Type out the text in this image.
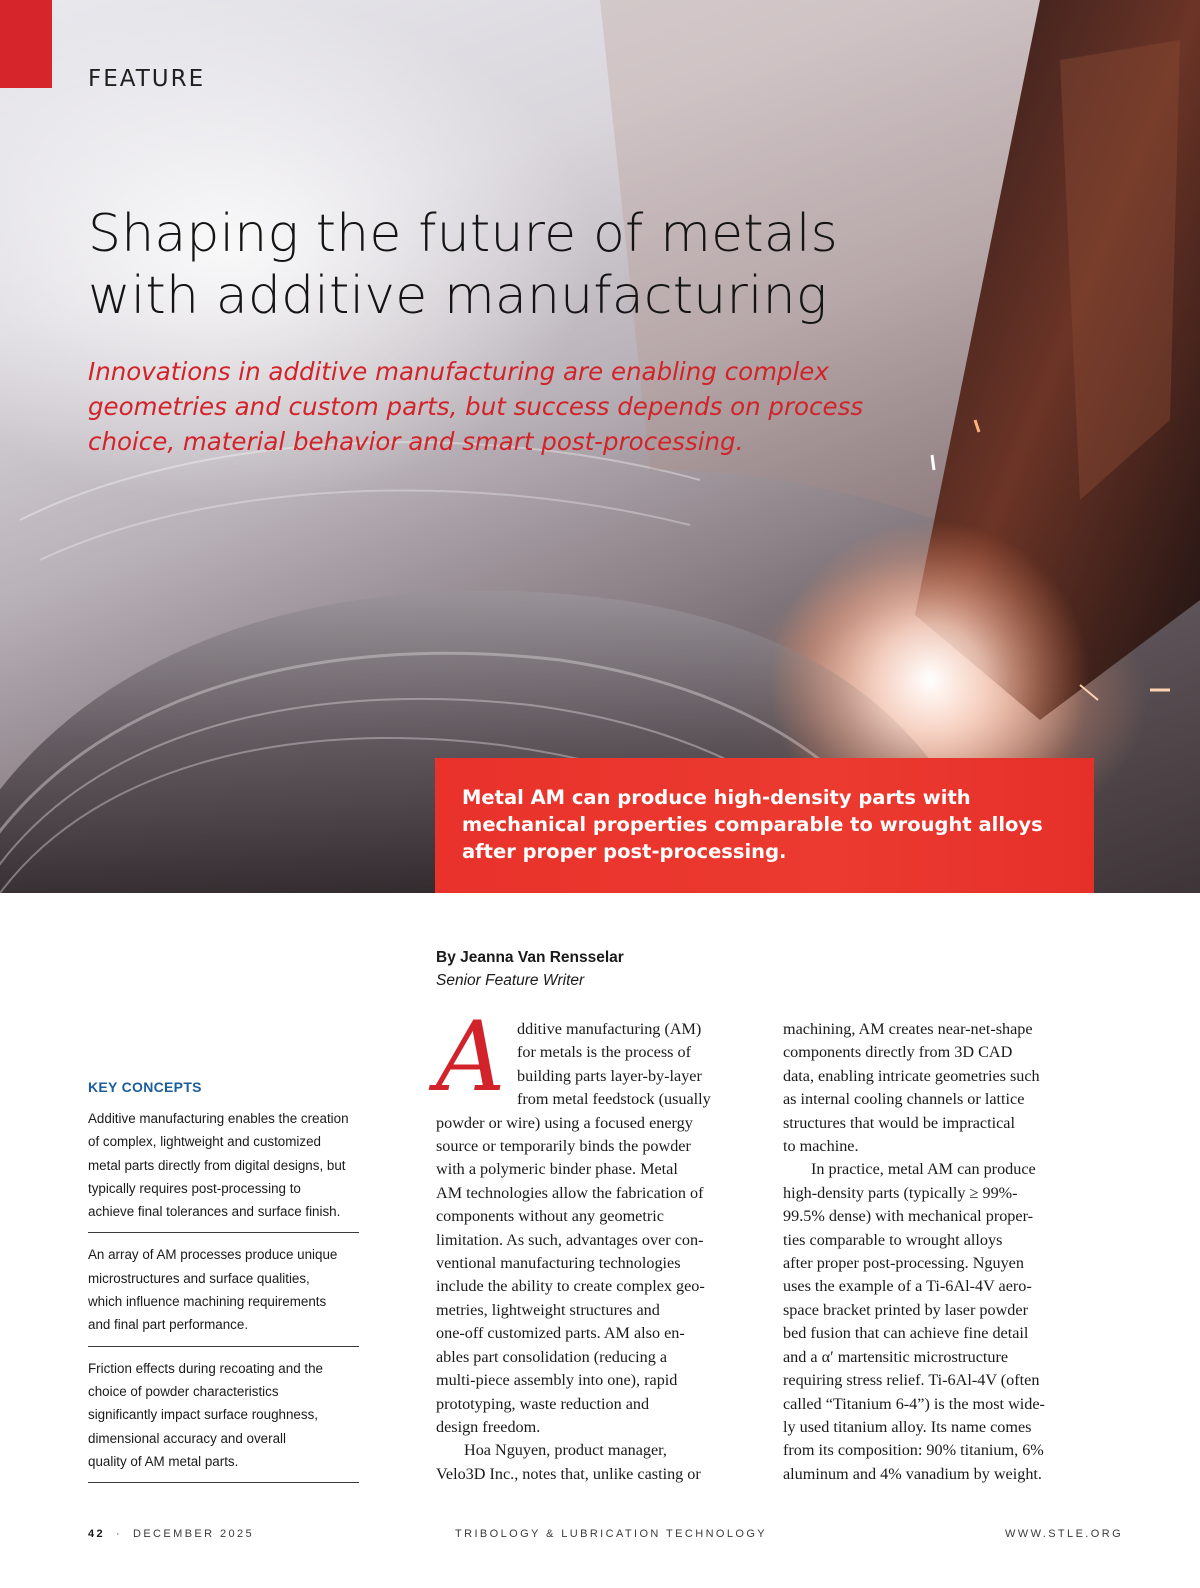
FEATURE
Shaping the future of metals
with additive manufacturing
Innovations in additive manufacturing are enabling complex
geometries and custom parts, but success depends on process
choice, material behavior and smart post-processing.
Metal AM can produce high-density parts with
mechanical properties comparable to wrought alloys
after proper post-processing.
By Jeanna Van Rensselar
Senior Feature Writer
KEY CONCEPTS
Additive manufacturing enables the creation
of complex, lightweight and customized
metal parts directly from digital designs, but
typically requires post-processing to
achieve final tolerances and surface finish.
An array of AM processes produce unique
microstructures and surface qualities,
which influence machining requirements
and final part performance.
Friction effects during recoating and the
choice of powder characteristics
significantly impact surface roughness,
dimensional accuracy and overall
quality of AM metal parts.
A dditive manufacturing (AM)
for metals is the process of
building parts layer-by-layer
from metal feedstock (usually
powder or wire) using a focused energy
source or temporarily binds the powder
with a polymeric binder phase. Metal
AM technologies allow the fabrication of
components without any geometric
limitation. As such, advantages over con-
ventional manufacturing technologies
include the ability to create complex geo-
metries, lightweight structures and
one-off customized parts. AM also en-
ables part consolidation (reducing a
multi-piece assembly into one), rapid
prototyping, waste reduction and
design freedom.
Hoa Nguyen, product manager,
Velo3D Inc., notes that, unlike casting or
machining, AM creates near-net-shape
components directly from 3D CAD
data, enabling intricate geometries such
as internal cooling channels or lattice
structures that would be impractical
to machine.
In practice, metal AM can produce
high-density parts (typically ≥ 99%-
99.5% dense) with mechanical proper-
ties comparable to wrought alloys
after proper post-processing. Nguyen
uses the example of a Ti-6Al-4V aero-
space bracket printed by laser powder
bed fusion that can achieve fine detail
and a α′ martensitic microstructure
requiring stress relief. Ti-6Al-4V (often
called “Titanium 6-4”) is the most wide-
ly used titanium alloy. Its name comes
from its composition: 90% titanium, 6%
aluminum and 4% vanadium by weight.
42 · DECEMBER 2025	TRIBOLOGY & LUBRICATION TECHNOLOGY	WWW.STLE.ORG
